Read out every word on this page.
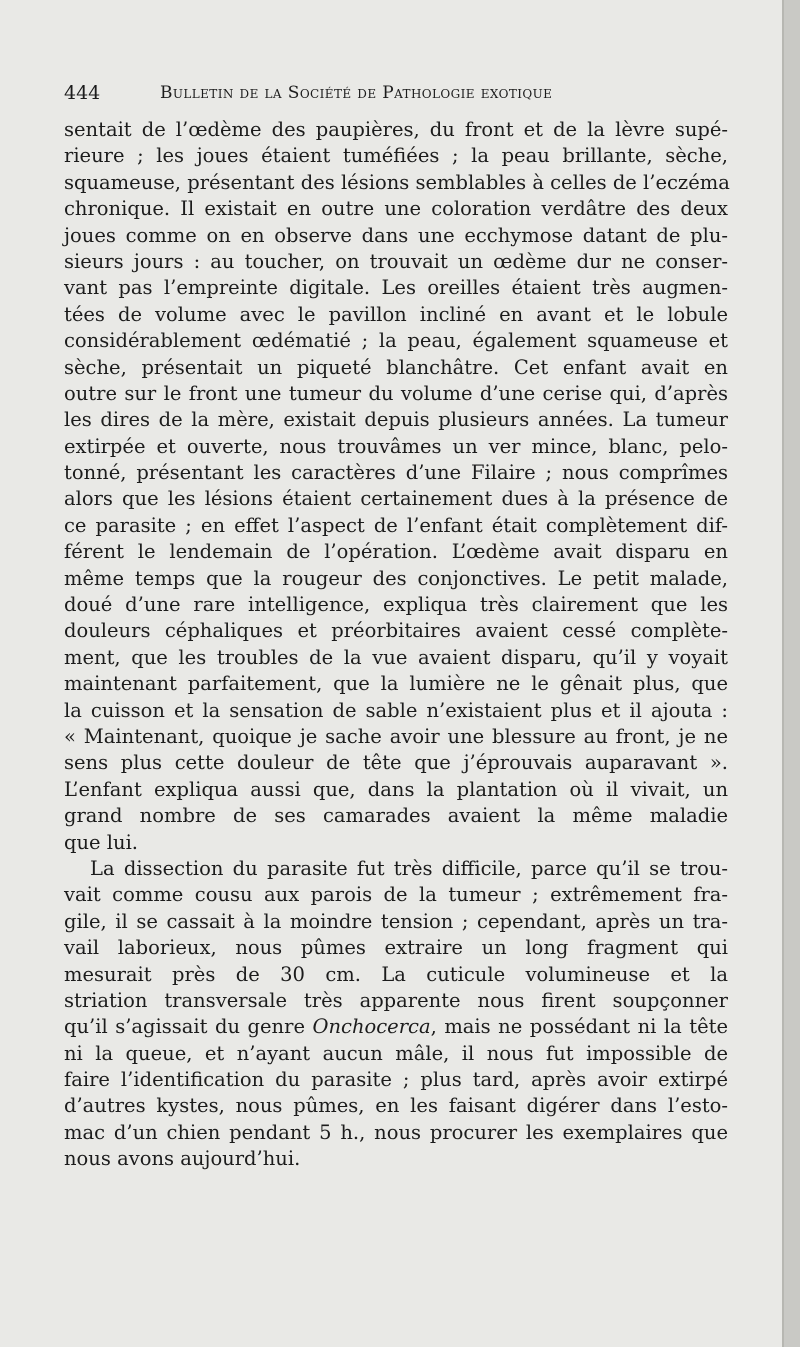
444	Bulletin de la Société de Pathologie exotique
sentait de l’œdème des paupières, du front et de la lèvre supé-
rieure ; les joues étaient tuméfiées ; la peau brillante, sèche,
squameuse, présentant des lésions semblables à celles de l’eczéma
chronique. Il existait en outre une coloration verdâtre des deux
joues comme on en observe dans une ecchymose datant de plu-
sieurs jours : au toucher, on trouvait un œdème dur ne conser-
vant pas l’empreinte digitale. Les oreilles étaient très augmen-
tées de volume avec le pavillon incliné en avant et le lobule
considérablement œdématié ; la peau, également squameuse et
sèche, présentait un piqueté blanchâtre. Cet enfant avait en
outre sur le front une tumeur du volume d’une cerise qui, d’après
les dires de la mère, existait depuis plusieurs années. La tumeur
extirpée et ouverte, nous trouvâmes un ver mince, blanc, pelo-
tonné, présentant les caractères d’une Filaire ; nous comprîmes
alors que les lésions étaient certainement dues à la présence de
ce parasite ; en effet l’aspect de l’enfant était complètement dif-
férent le lendemain de l’opération. L’œdème avait disparu en
même temps que la rougeur des conjonctives. Le petit malade,
doué d’une rare intelligence, expliqua très clairement que les
douleurs céphaliques et préorbitaires avaient cessé complète-
ment, que les troubles de la vue avaient disparu, qu’il y voyait
maintenant parfaitement, que la lumière ne le gênait plus, que
la cuisson et la sensation de sable n’existaient plus et il ajouta :
« Maintenant, quoique je sache avoir une blessure au front, je ne
sens plus cette douleur de tête que j’éprouvais auparavant ».
L’enfant expliqua aussi que, dans la plantation où il vivait, un
grand nombre de ses camarades avaient la même maladie
que lui.
La dissection du parasite fut très difficile, parce qu’il se trou-
vait comme cousu aux parois de la tumeur ; extrêmement fra-
gile, il se cassait à la moindre tension ; cependant, après un tra-
vail laborieux, nous pûmes extraire un long fragment qui
mesurait près de 30 cm. La cuticule volumineuse et la
striation transversale très apparente nous firent soupçonner
qu’il s’agissait du genre Onchocerca, mais ne possédant ni la tête
ni la queue, et n’ayant aucun mâle, il nous fut impossible de
faire l’identification du parasite ; plus tard, après avoir extirpé
d’autres kystes, nous pûmes, en les faisant digérer dans l’esto-
mac d’un chien pendant 5 h., nous procurer les exemplaires que
nous avons aujourd’hui.
